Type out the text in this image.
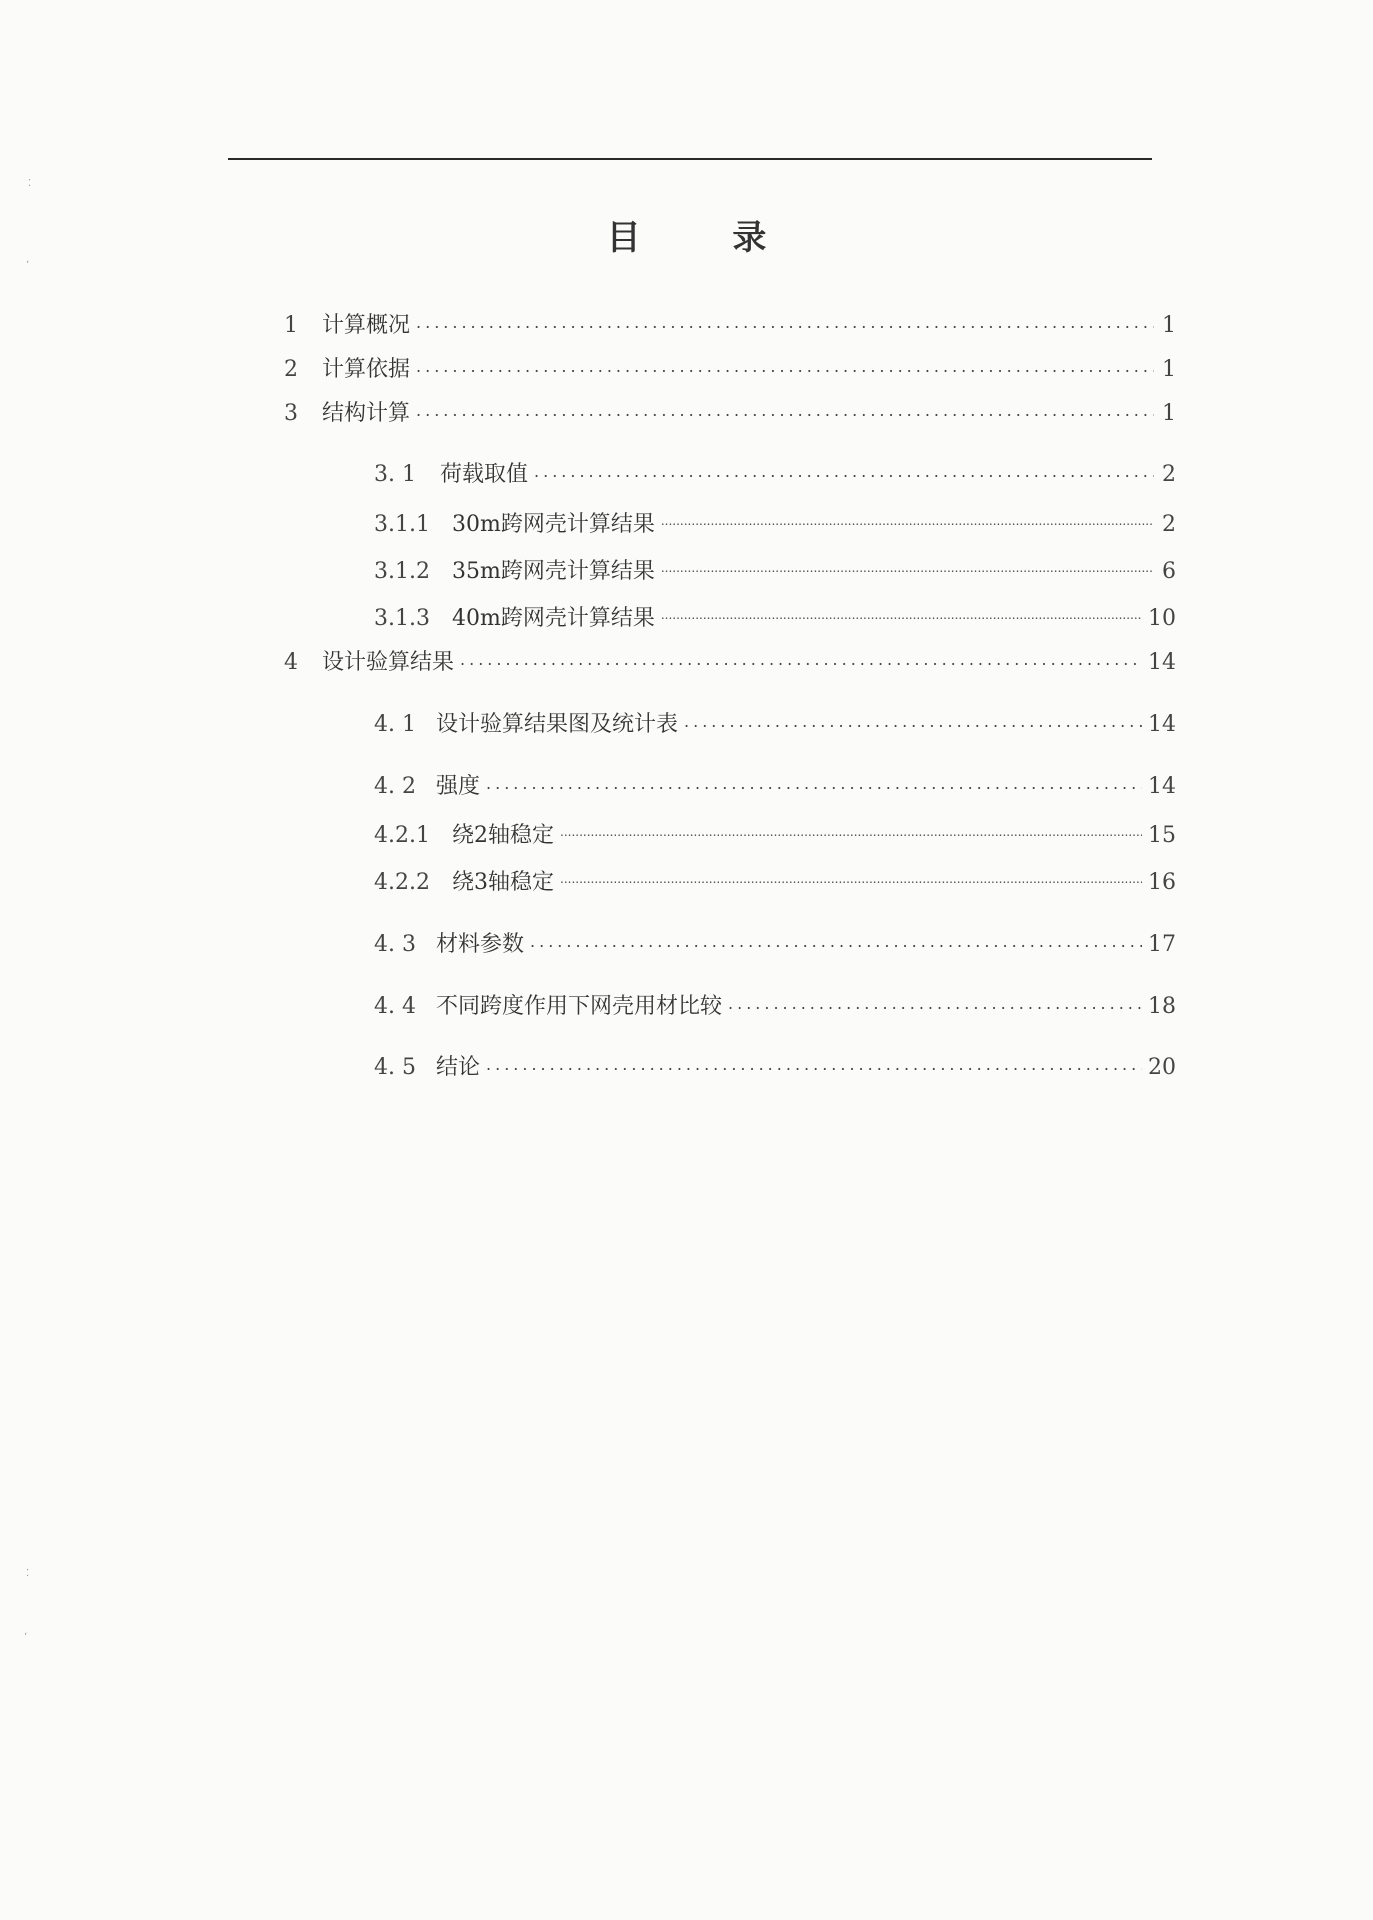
目 录
1	计算概况 .....	1
2	计算依据 .....	1
3	结构计算 .....	1
3. 1	荷载取值 .....	2
3.1.1	30m跨网壳计算结果 .....	2
3.1.2	35m跨网壳计算结果 .....	6
3.1.3	40m跨网壳计算结果 .....	10
4	设计验算结果 .....	14
4. 1 设计验算结果图及统计表 .....	14
4. 2 强度 .....	14
4.2.1	绕2轴稳定 .....	15
4.2.2	绕3轴稳定 .....	16
4. 3 材料参数 .....	17
4. 4 不同跨度作用下网壳用材比较 .....	18
4. 5 结论 .....	20
⁚
ʼ
⁚
ʼ
